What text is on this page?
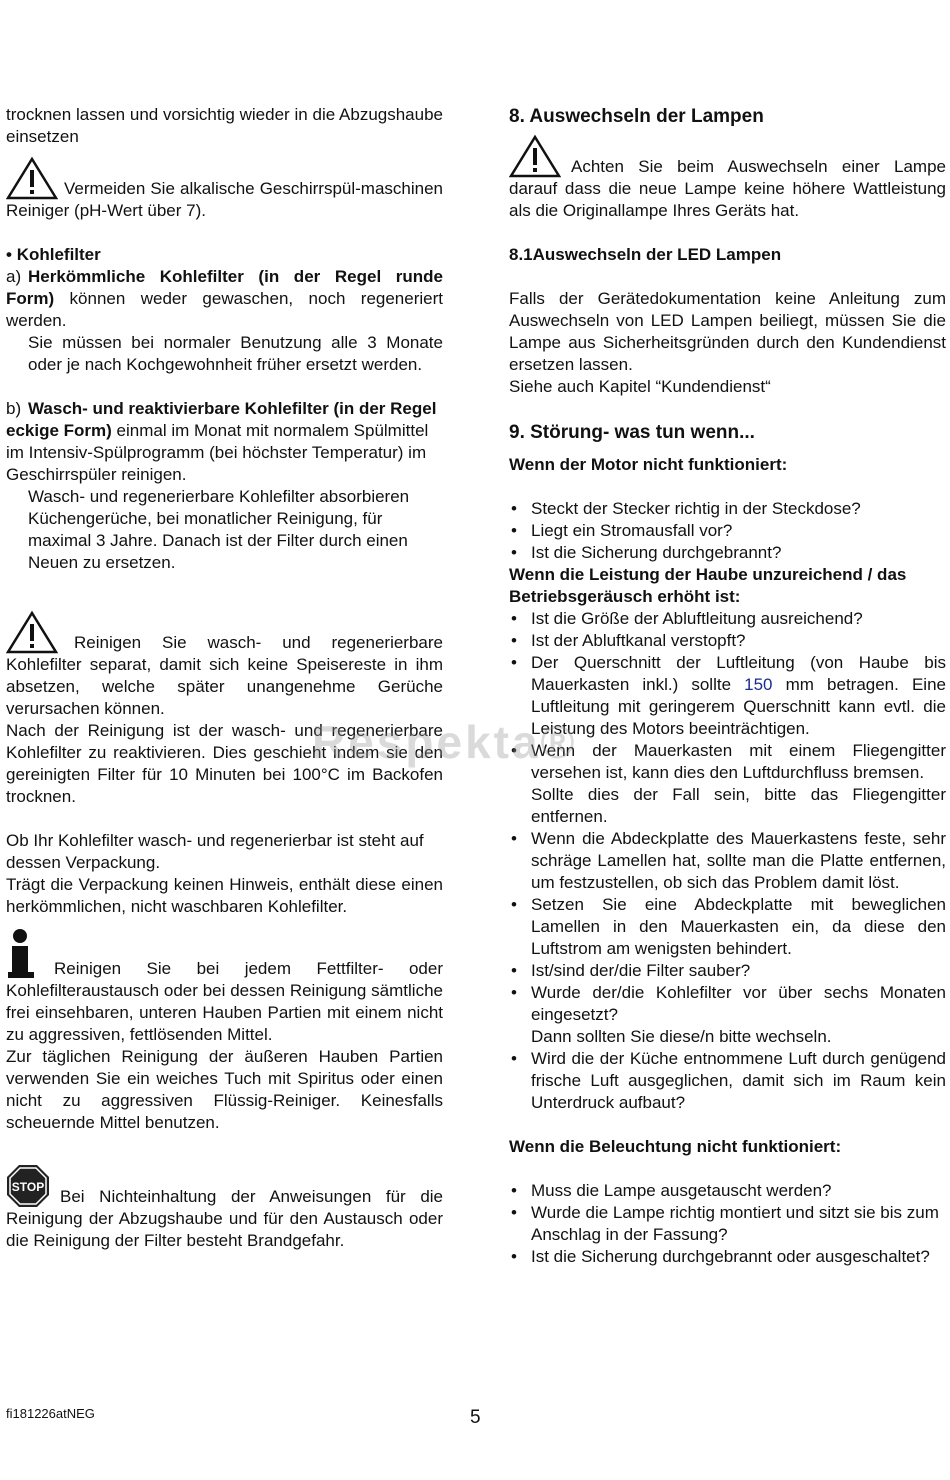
trocknen lassen und vorsichtig wieder in die Abzugshaube einsetzen

Vermeiden Sie alkalische Geschirrspül-maschinen Reiniger (pH-Wert über 7).

• Kohlefilter

a) Herkömmliche Kohlefilter (in der Regel runde Form) können weder gewaschen, noch regeneriert werden.

Sie müssen bei normaler Benutzung alle 3 Monate oder je nach Kochgewohnheit früher ersetzt werden.

b) Wasch- und reaktivierbare Kohlefilter (in der Regel eckige Form) einmal im Monat mit normalem Spülmittel im Intensiv-Spülprogramm (bei höchster Temperatur) im Geschirrspüler reinigen.

Wasch- und regenerierbare Kohlefilter absorbieren Küchengerüche, bei monatlicher Reinigung, für maximal 3 Jahre. Danach ist der Filter durch einen Neuen zu ersetzen.

Reinigen Sie wasch- und regenerierbare Kohlefilter separat, damit sich keine Speisereste in ihm absetzen, welche später unangenehme Gerüche verursachen können.

Nach der Reinigung ist der wasch- und regenerierbare Kohlefilter zu reaktivieren. Dies geschieht indem sie den gereinigten Filter für 10 Minuten bei 100°C im Backofen trocknen.

Ob Ihr Kohlefilter wasch- und regenerierbar ist steht auf dessen Verpackung.

Trägt die Verpackung keinen Hinweis, enthält diese einen herkömmlichen, nicht waschbaren Kohlefilter.

Reinigen Sie bei jedem Fettfilter- oder Kohlefilteraustausch oder bei dessen Reinigung sämtliche frei einsehbaren, unteren Hauben Partien mit einem nicht zu aggressiven, fettlösenden Mittel.

Zur täglichen Reinigung der äußeren Hauben Partien verwenden Sie ein weiches Tuch mit Spiritus oder einen nicht zu aggressiven Flüssig-Reiniger. Keinesfalls scheuernde Mittel benutzen.

STOP Bei Nichteinhaltung der Anweisungen für die Reinigung der Abzugshaube und für den Austausch oder die Reinigung der Filter besteht Brandgefahr.

8. Auswechseln der Lampen

Achten Sie beim Auswechseln einer Lampe darauf dass die neue Lampe keine höhere Wattleistung als die Originallampe Ihres Geräts hat.

8.1Auswechseln der LED Lampen

Falls der Gerätedokumentation keine Anleitung zum Auswechseln von LED Lampen beiliegt, müssen Sie die Lampe aus Sicherheitsgründen durch den Kundendienst ersetzen lassen.

Siehe auch Kapitel “Kundendienst“

9. Störung- was tun wenn...

Wenn der Motor nicht funktioniert:

• Steckt der Stecker richtig in der Steckdose?
• Liegt ein Stromausfall vor?
• Ist die Sicherung durchgebrannt?

Wenn die Leistung der Haube unzureichend / das Betriebsgeräusch erhöht ist:

• Ist die Größe der Abluftleitung ausreichend?
• Ist der Abluftkanal verstopft?
• Der Querschnitt der Luftleitung (von Haube bis Mauerkasten inkl.) sollte 150 mm betragen. Eine Luftleitung mit geringerem Querschnitt kann evtl. die Leistung des Motors beeinträchtigen.
• Wenn der Mauerkasten mit einem Fliegengitter versehen ist, kann dies den Luftdurchfluss bremsen.
Sollte dies der Fall sein, bitte das Fliegengitter entfernen.
• Wenn die Abdeckplatte des Mauerkastens feste, sehr schräge Lamellen hat, sollte man die Platte entfernen, um festzustellen, ob sich das Problem damit löst.
• Setzen Sie eine Abdeckplatte mit beweglichen Lamellen in den Mauerkasten ein, da diese den Luftstrom am wenigsten behindert.
• Ist/sind der/die Filter sauber?
• Wurde der/die Kohlefilter vor über sechs Monaten eingesetzt?
Dann sollten Sie diese/n bitte wechseln.
• Wird die der Küche entnommene Luft durch genügend frische Luft ausgeglichen, damit sich im Raum kein Unterdruck aufbaut?

Wenn die Beleuchtung nicht funktioniert:

• Muss die Lampe ausgetauscht werden?
• Wurde die Lampe richtig montiert und sitzt sie bis zum Anschlag in der Fassung?
• Ist die Sicherung durchgebrannt oder ausgeschaltet?
Respekta®
fi181226atNEG	5
